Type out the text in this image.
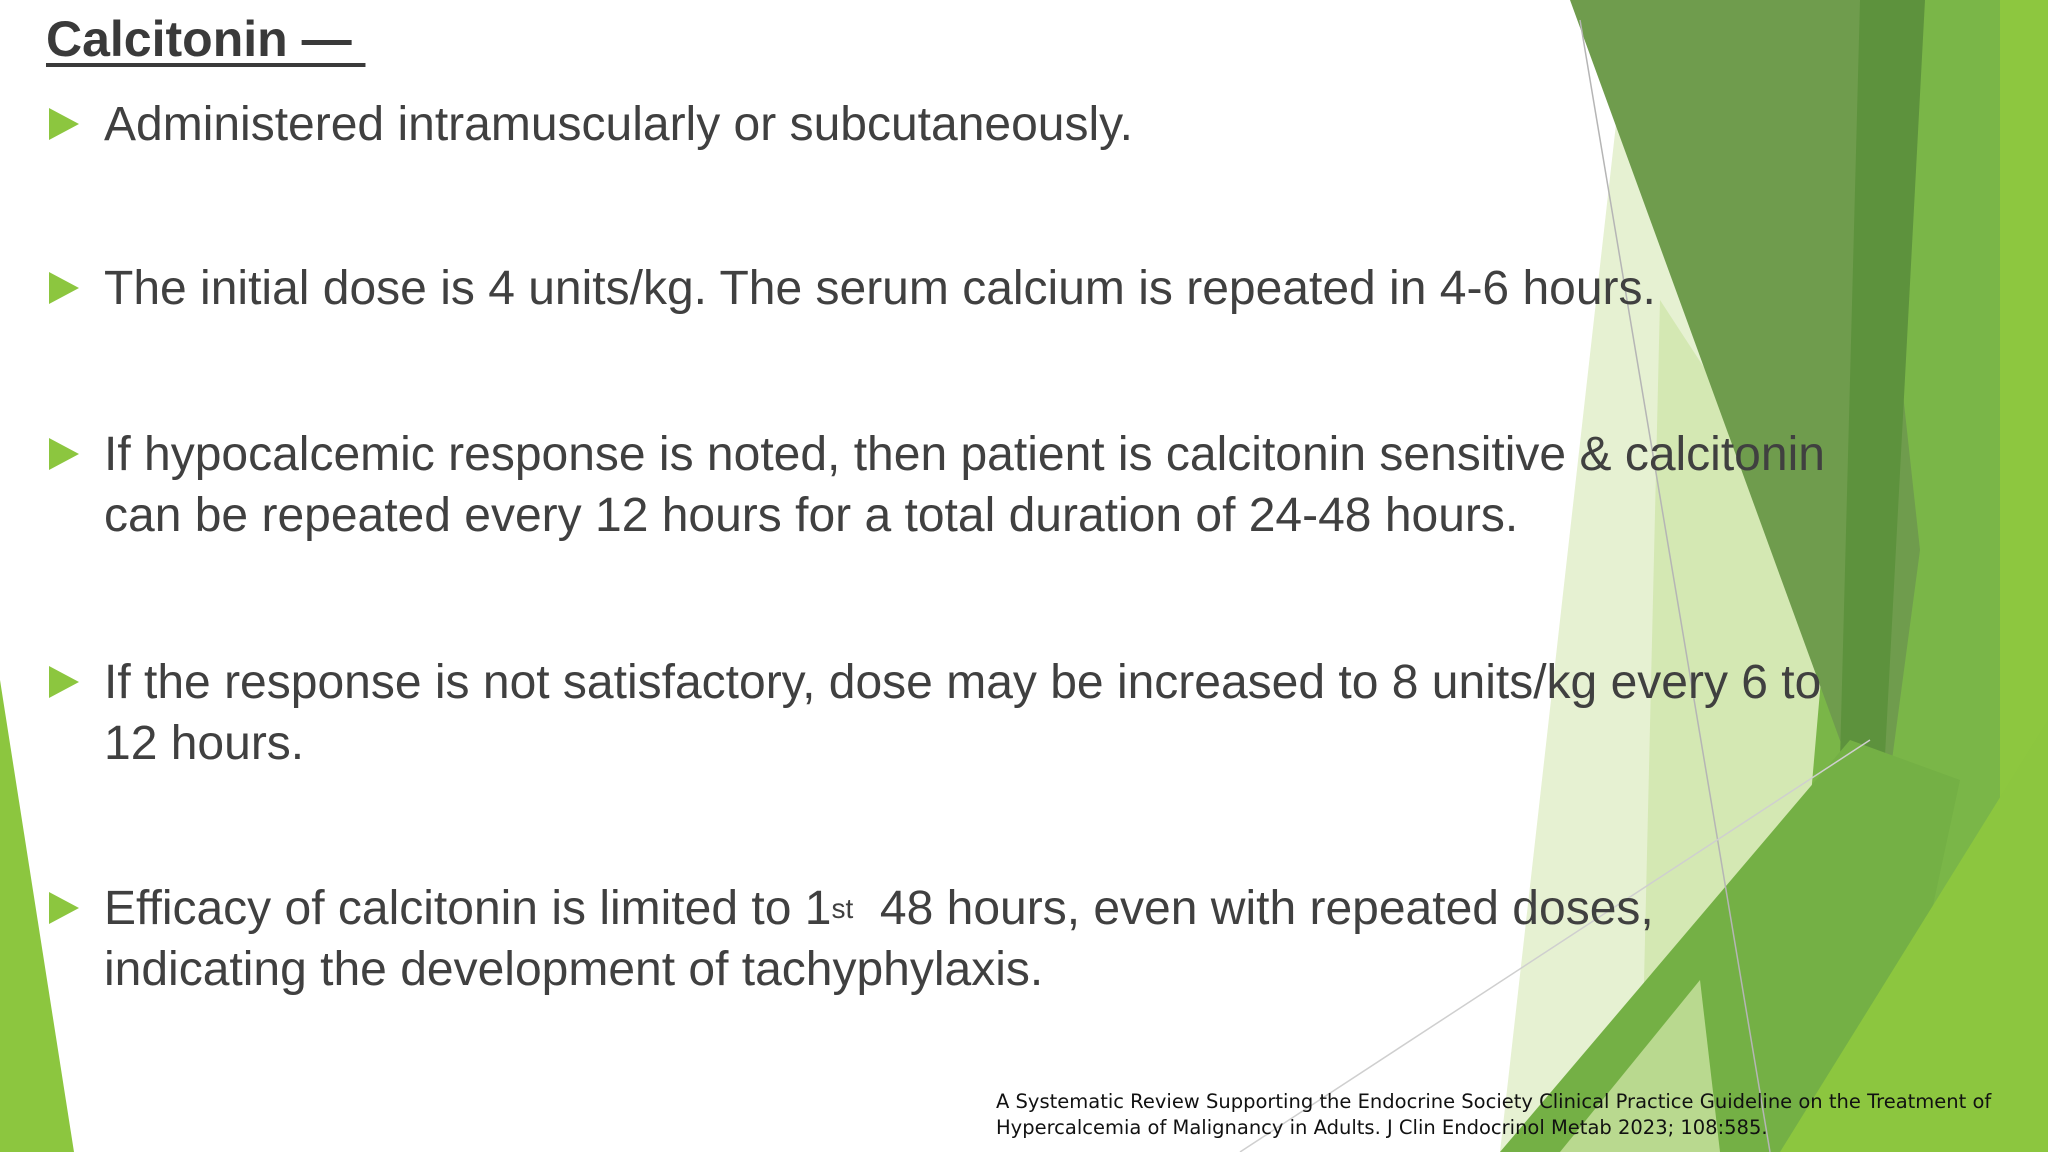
Calcitonin —
Administered intramuscularly or subcutaneously.
The initial dose is 4 units/kg. The serum calcium is repeated in 4-6 hours.
If hypocalcemic response is noted, then patient is calcitonin sensitive & calcitonin
can be repeated every 12 hours for a total duration of 24-48 hours.
If the response is not satisfactory, dose may be increased to 8 units/kg every 6 to
12 hours.
Efficacy of calcitonin is limited to 1st  48 hours, even with repeated doses,
indicating the development of tachyphylaxis.
A Systematic Review Supporting the Endocrine Society Clinical Practice Guideline on the Treatment of
Hypercalcemia of Malignancy in Adults. J Clin Endocrinol Metab 2023; 108:585.
